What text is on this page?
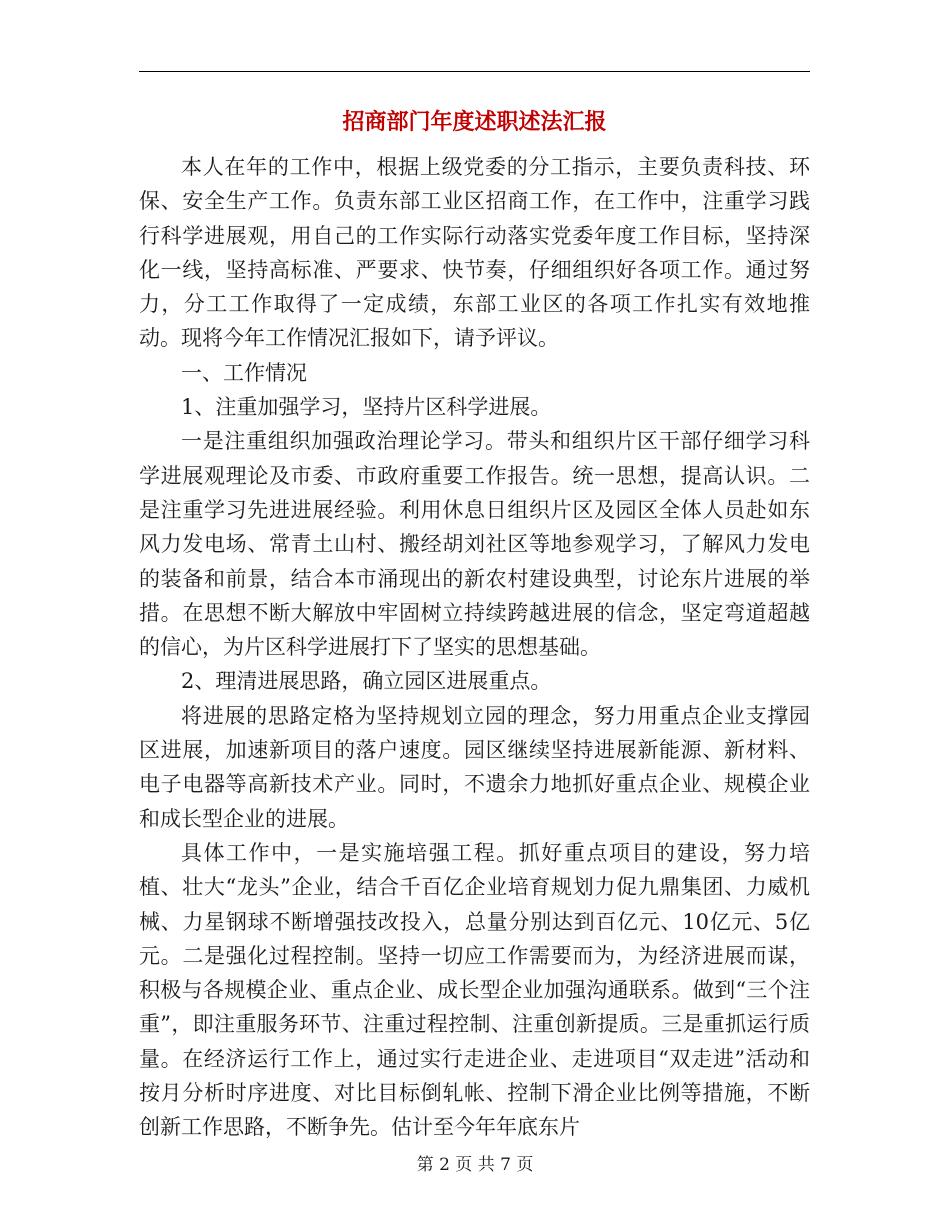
招商部门年度述职述法汇报

本人在年的工作中，根据上级党委的分工指示，主要负责科技、环保、安全生产工作。负责东部工业区招商工作，在工作中，注重学习践行科学进展观，用自己的工作实际行动落实党委年度工作目标，坚持深化一线，坚持高标准、严要求、快节奏，仔细组织好各项工作。通过努力，分工工作取得了一定成绩，东部工业区的各项工作扎实有效地推动。现将今年工作情况汇报如下，请予评议。

一、工作情况

1、注重加强学习，坚持片区科学进展。

一是注重组织加强政治理论学习。带头和组织片区干部仔细学习科学进展观理论及市委、市政府重要工作报告。统一思想，提高认识。二是注重学习先进进展经验。利用休息日组织片区及园区全体人员赴如东风力发电场、常青土山村、搬经胡刘社区等地参观学习，了解风力发电的装备和前景，结合本市涌现出的新农村建设典型，讨论东片进展的举措。在思想不断大解放中牢固树立持续跨越进展的信念，坚定弯道超越的信心，为片区科学进展打下了坚实的思想基础。

2、理清进展思路，确立园区进展重点。

将进展的思路定格为坚持规划立园的理念，努力用重点企业支撑园区进展，加速新项目的落户速度。园区继续坚持进展新能源、新材料、电子电器等高新技术产业。同时，不遗余力地抓好重点企业、规模企业和成长型企业的进展。

具体工作中，一是实施培强工程。抓好重点项目的建设，努力培植、壮大“龙头”企业，结合千百亿企业培育规划力促九鼎集团、力威机械、力星钢球不断增强技改投入，总量分别达到百亿元、10亿元、5亿元。二是强化过程控制。坚持一切应工作需要而为，为经济进展而谋，积极与各规模企业、重点企业、成长型企业加强沟通联系。做到“三个注重”，即注重服务环节、注重过程控制、注重创新提质。三是重抓运行质量。在经济运行工作上，通过实行走进企业、走进项目“双走进”活动和按月分析时序进度、对比目标倒轧帐、控制下滑企业比例等措施，不断创新工作思路，不断争先。估计至今年年底东片

第 2 页 共 7 页
